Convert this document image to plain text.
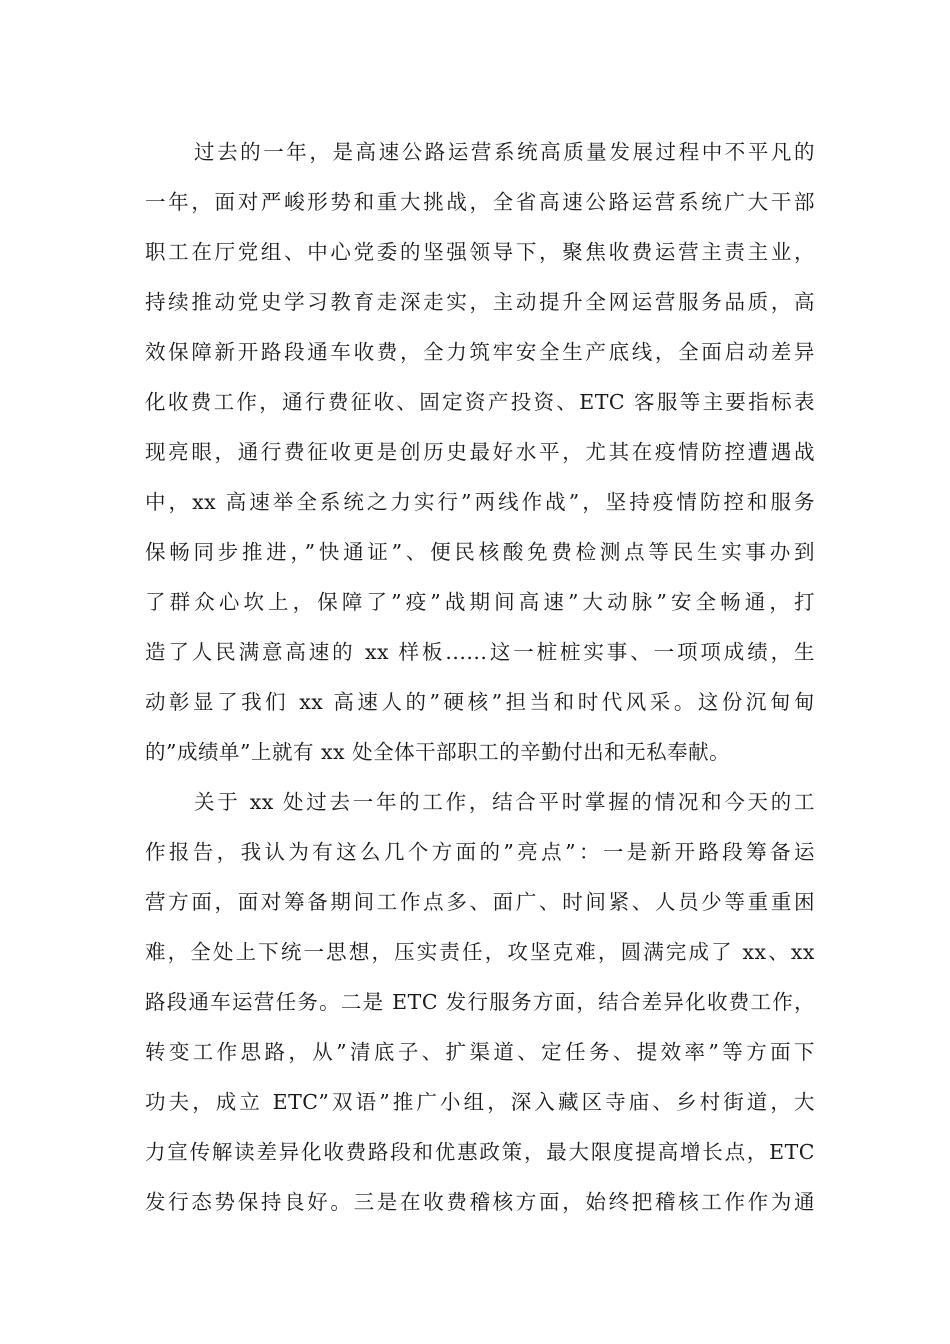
过去的一年，是高速公路运营系统高质量发展过程中不平凡的
一年，面对严峻形势和重大挑战，全省高速公路运营系统广大干部
职工在厅党组、中心党委的坚强领导下，聚焦收费运营主责主业，
持续推动党史学习教育走深走实，主动提升全网运营服务品质，高
效保障新开路段通车收费，全力筑牢安全生产底线，全面启动差异
化收费工作，通行费征收、固定资产投资、ETC 客服等主要指标表
现亮眼，通行费征收更是创历史最好水平，尤其在疫情防控遭遇战
中，xx 高速举全系统之力实行”两线作战”，坚持疫情防控和服务
保畅同步推进，”快通证”、便民核酸免费检测点等民生实事办到
了群众心坎上，保障了”疫”战期间高速”大动脉”安全畅通，打
造了人民满意高速的 xx 样板......这一桩桩实事、一项项成绩，生
动彰显了我们 xx 高速人的”硬核”担当和时代风采。这份沉甸甸
的”成绩单”上就有 xx 处全体干部职工的辛勤付出和无私奉献。
关于 xx 处过去一年的工作，结合平时掌握的情况和今天的工
作报告，我认为有这么几个方面的”亮点”：一是新开路段筹备运
营方面，面对筹备期间工作点多、面广、时间紧、人员少等重重困
难，全处上下统一思想，压实责任，攻坚克难，圆满完成了 xx、xx
路段通车运营任务。二是 ETC 发行服务方面，结合差异化收费工作，
转变工作思路，从”清底子、扩渠道、定任务、提效率”等方面下
功夫，成立 ETC”双语”推广小组，深入藏区寺庙、乡村街道，大
力宣传解读差异化收费路段和优惠政策，最大限度提高增长点，ETC
发行态势保持良好。三是在收费稽核方面，始终把稽核工作作为通
